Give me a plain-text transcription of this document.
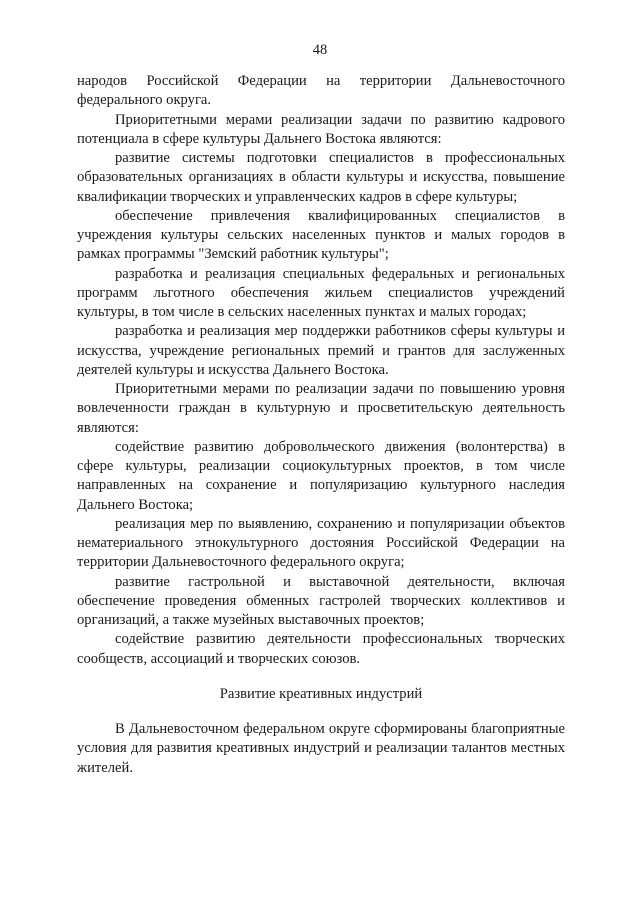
48

народов Российской Федерации на территории Дальневосточного федерального округа.

Приоритетными мерами реализации задачи по развитию кадрового потенциала в сфере культуры Дальнего Востока являются:

развитие системы подготовки специалистов в профессиональных образовательных организациях в области культуры и искусства, повышение квалификации творческих и управленческих кадров в сфере культуры;

обеспечение привлечения квалифицированных специалистов в учреждения культуры сельских населенных пунктов и малых городов в рамках программы "Земский работник культуры";

разработка и реализация специальных федеральных и региональных программ льготного обеспечения жильем специалистов учреждений культуры, в том числе в сельских населенных пунктах и малых городах;

разработка и реализация мер поддержки работников сферы культуры и искусства, учреждение региональных премий и грантов для заслуженных деятелей культуры и искусства Дальнего Востока.

Приоритетными мерами по реализации задачи по повышению уровня вовлеченности граждан в культурную и просветительскую деятельность являются:

содействие развитию добровольческого движения (волонтерства) в сфере культуры, реализации социокультурных проектов, в том числе направленных на сохранение и популяризацию культурного наследия Дальнего Востока;

реализация мер по выявлению, сохранению и популяризации объектов нематериального этнокультурного достояния Российской Федерации на территории Дальневосточного федерального округа;

развитие гастрольной и выставочной деятельности, включая обеспечение проведения обменных гастролей творческих коллективов и организаций, а также музейных выставочных проектов;

содействие развитию деятельности профессиональных творческих сообществ, ассоциаций и творческих союзов.

Развитие креативных индустрий

В Дальневосточном федеральном округе сформированы благоприятные условия для развития креативных индустрий и реализации талантов местных жителей.
